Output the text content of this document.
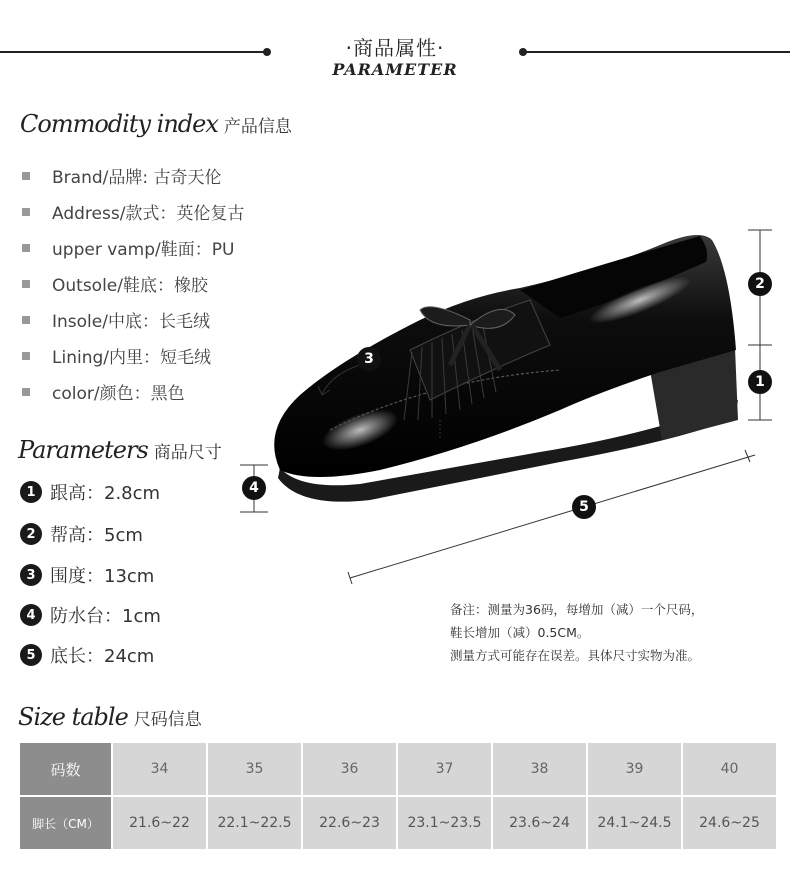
·商品属性·
PARAMETER
Commodity index 产品信息
Brand/品牌: 古奇天伦
Address/款式：英伦复古
upper vamp/鞋面：PU
Outsole/鞋底：橡胶
Insole/中底：长毛绒
Lining/内里：短毛绒
color/颜色：黑色
Parameters 商品尺寸
1 跟高：2.8cm
2 帮高：5cm
3 围度：13cm
4 防水台：1cm
5 底长：24cm
2
1
3
4
5
备注：测量为36码，每增加（减）一个尺码，
鞋长增加（减）0.5CM。
测量方式可能存在误差。具体尺寸实物为准。
Size table 尺码信息
码数	34	35	36	37	38	39	40
脚长（CM）	21.6~22	22.1~22.5	22.6~23	23.1~23.5	23.6~24	24.1~24.5	24.6~25
